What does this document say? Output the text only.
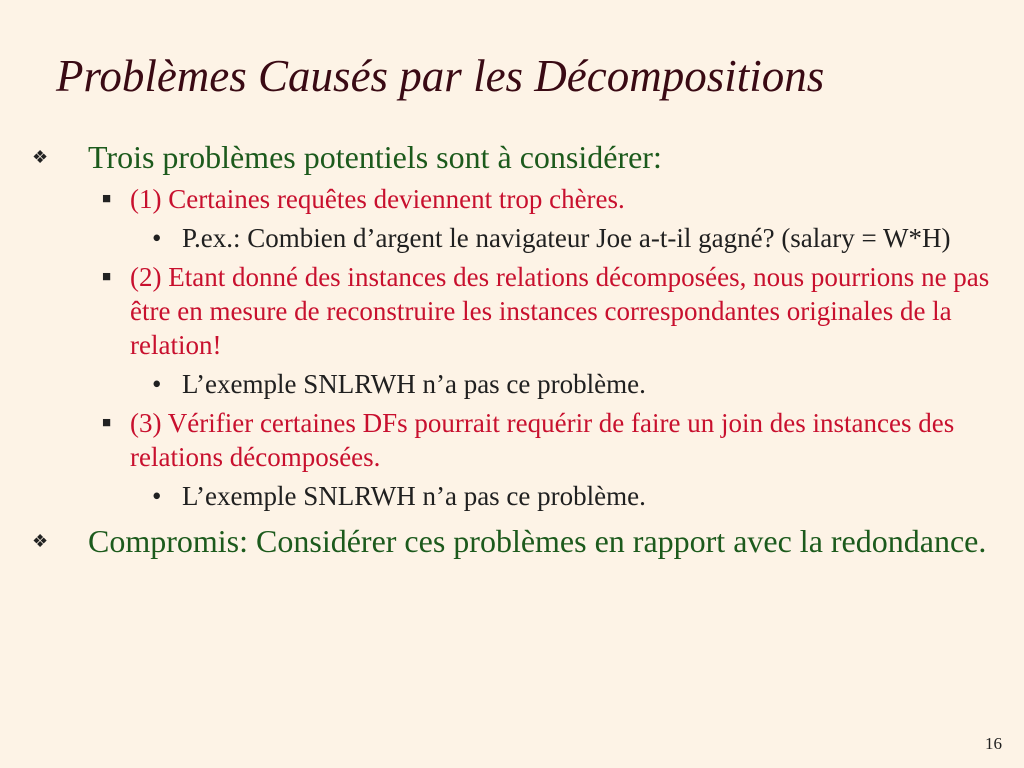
Problèmes Causés par les Décompositions
❖ Trois problèmes potentiels sont à considérer:
■ (1) Certaines requêtes deviennent trop chères.
• P.ex.: Combien d’argent le navigateur Joe a-t-il gagné? (salary = W*H)
■ (2) Etant donné des instances des relations décomposées, nous pourrions ne pas être en mesure de reconstruire les instances correspondantes originales de la relation!
• L’exemple SNLRWH n’a pas ce problème.
■ (3) Vérifier certaines DFs pourrait requérir de faire un join des instances des relations décomposées.
• L’exemple SNLRWH n’a pas ce problème.
❖ Compromis: Considérer ces problèmes en rapport avec la redondance.
16
